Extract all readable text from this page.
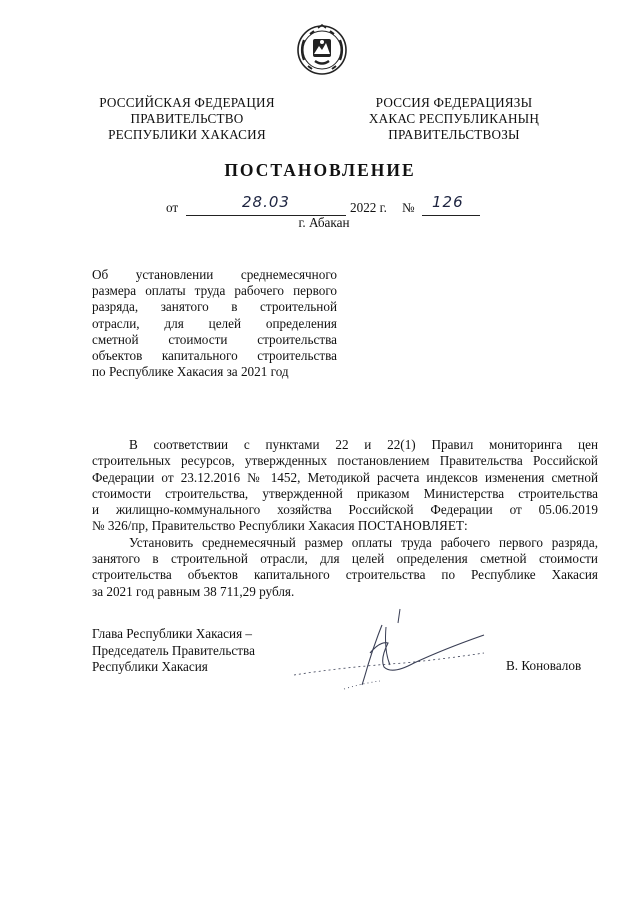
РОССИЙСКАЯ ФЕДЕРАЦИЯ
ПРАВИТЕЛЬСТВО
РЕСПУБЛИКИ ХАКАСИЯ
РОССИЯ ФЕДЕРАЦИЯЗЫ
ХАКАС РЕСПУБЛИКАНЫҢ
ПРАВИТЕЛЬСТВОЗЫ
ПОСТАНОВЛЕНИЕ
от	28.03	2022 г. № 126
г. Абакан
Об установлении среднемесячного
размера оплаты труда рабочего первого
разряда, занятого в строительной
отрасли, для целей определения
сметной стоимости строительства
объектов капитального строительства
по Республике Хакасия за 2021 год
В соответствии с пунктами 22 и 22(1) Правил мониторинга цен
строительных ресурсов, утвержденных постановлением Правительства Российской
Федерации от 23.12.2016 № 1452, Методикой расчета индексов изменения сметной
стоимости строительства, утвержденной приказом Министерства строительства
и жилищно-коммунального хозяйства Российской Федерации от 05.06.2019
№ 326/пр, Правительство Республики Хакасия ПОСТАНОВЛЯЕТ:
Установить среднемесячный размер оплаты труда рабочего первого разряда,
занятого в строительной отрасли, для целей определения сметной стоимости
строительства объектов капитального строительства по Республике Хакасия
за 2021 год равным 38 711,29 рубля.
Глава Республики Хакасия –
Председатель Правительства
Республики Хакасия	В. Коновалов
